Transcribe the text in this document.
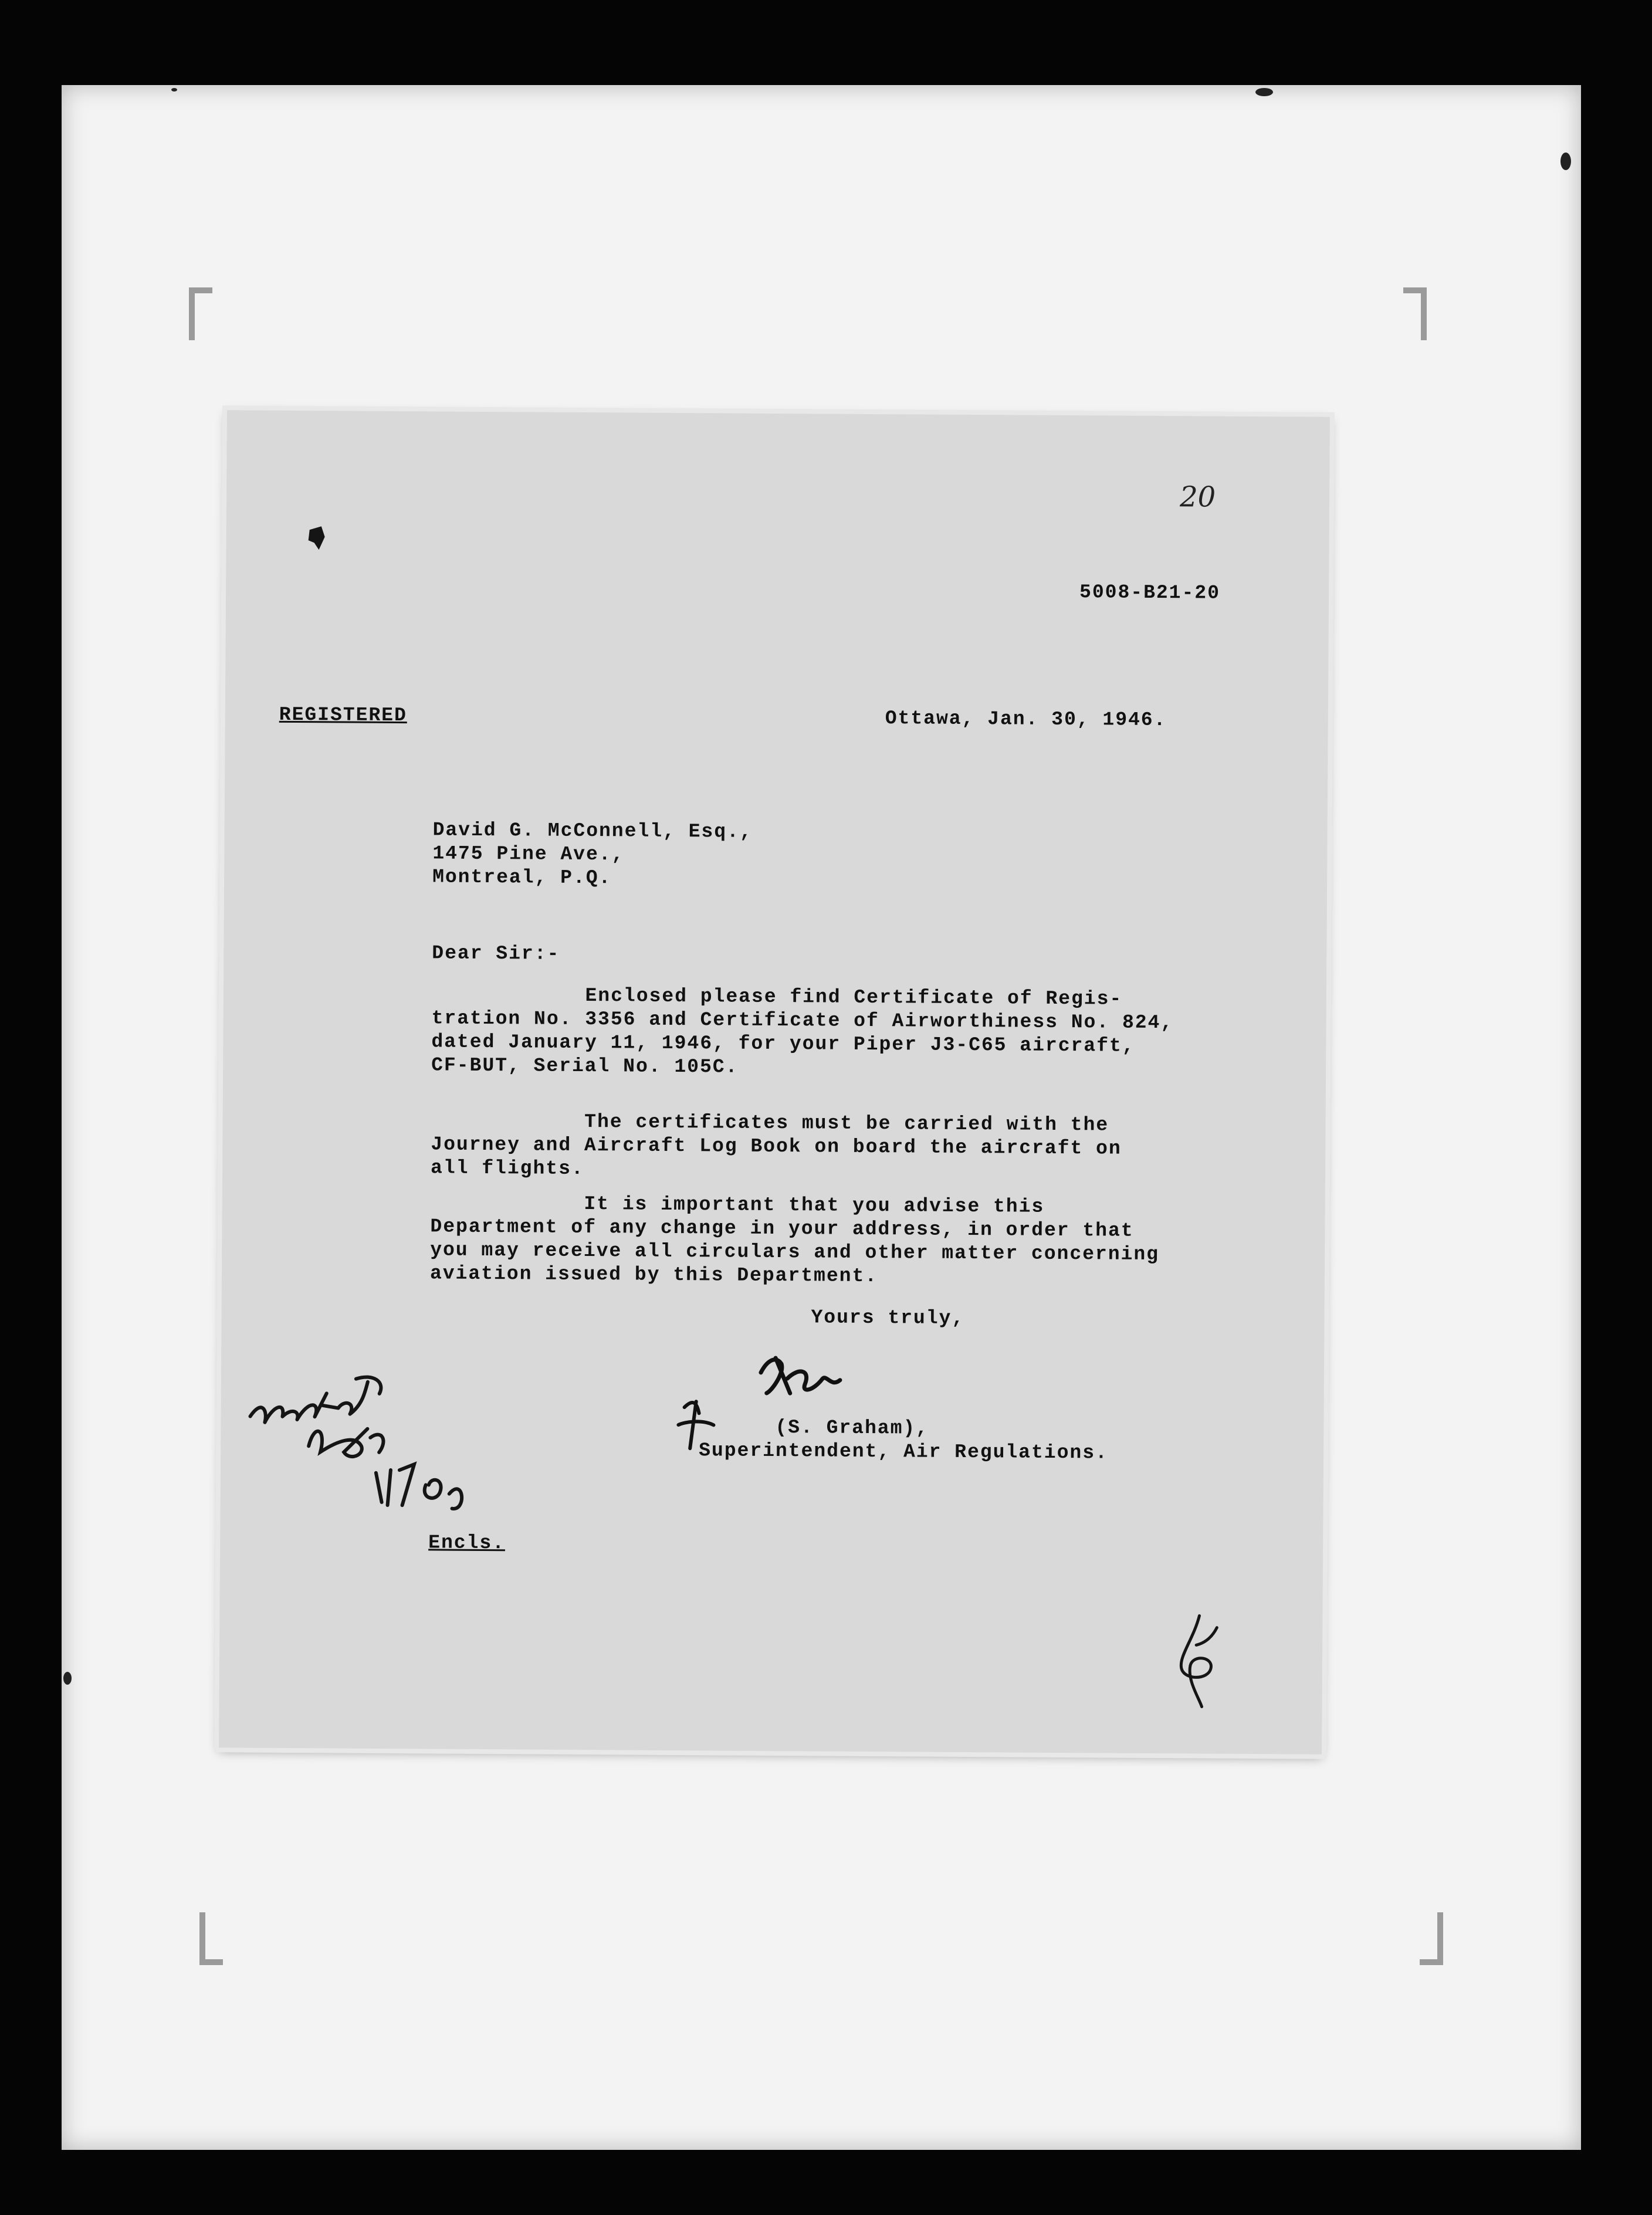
20
5008-B21-20
REGISTERED	Ottawa, Jan. 30, 1946.
David G. McConnell, Esq.,
1475 Pine Ave.,
Montreal, P.Q.
Dear Sir:-
Enclosed please find Certificate of Regis-
tration No. 3356 and Certificate of Airworthiness No. 824,
dated January 11, 1946, for your Piper J3-C65 aircraft,
CF-BUT, Serial No. 105C.
The certificates must be carried with the
Journey and Aircraft Log Book on board the aircraft on
all flights.
It is important that you advise this
Department of any change in your address, in order that
you may receive all circulars and other matter concerning
aviation issued by this Department.
Yours truly,
(S. Graham),
Superintendent, Air Regulations.
Encls.
